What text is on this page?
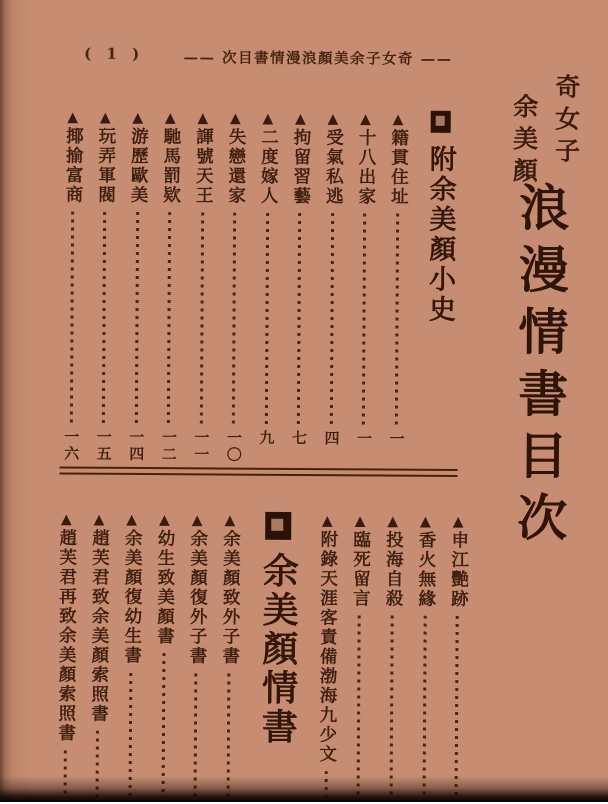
( 1 )	—— 次目書情漫浪顏美余子女奇 ——
奇女子
余美顏
浪漫情書目次
附余美顏小史
▲
籍貫住址
一
▲
十八出家
一
▲
受氣私逃
四
▲
拘留習藝
七
▲
二度嫁人
九
▲
失戀還家
一〇
▲
諢號天王
一一
▲
馳馬罰欵
一二
▲
游歷歐美
一四
▲
玩弄軍閥
一五
▲
揶揄富商
一六
▲
申江艷跡
▲
香火無緣
▲
投海自殺
▲
臨死留言
▲
附錄天涯客責備渤海九少文
余美顏情書
▲
余美顏致外子書
▲
余美顏復外子書
▲
幼生致美顏書
▲
余美顏復幼生書
▲
趙芙君致余美顏索照書
▲
趙芙君再致余美顏索照書
